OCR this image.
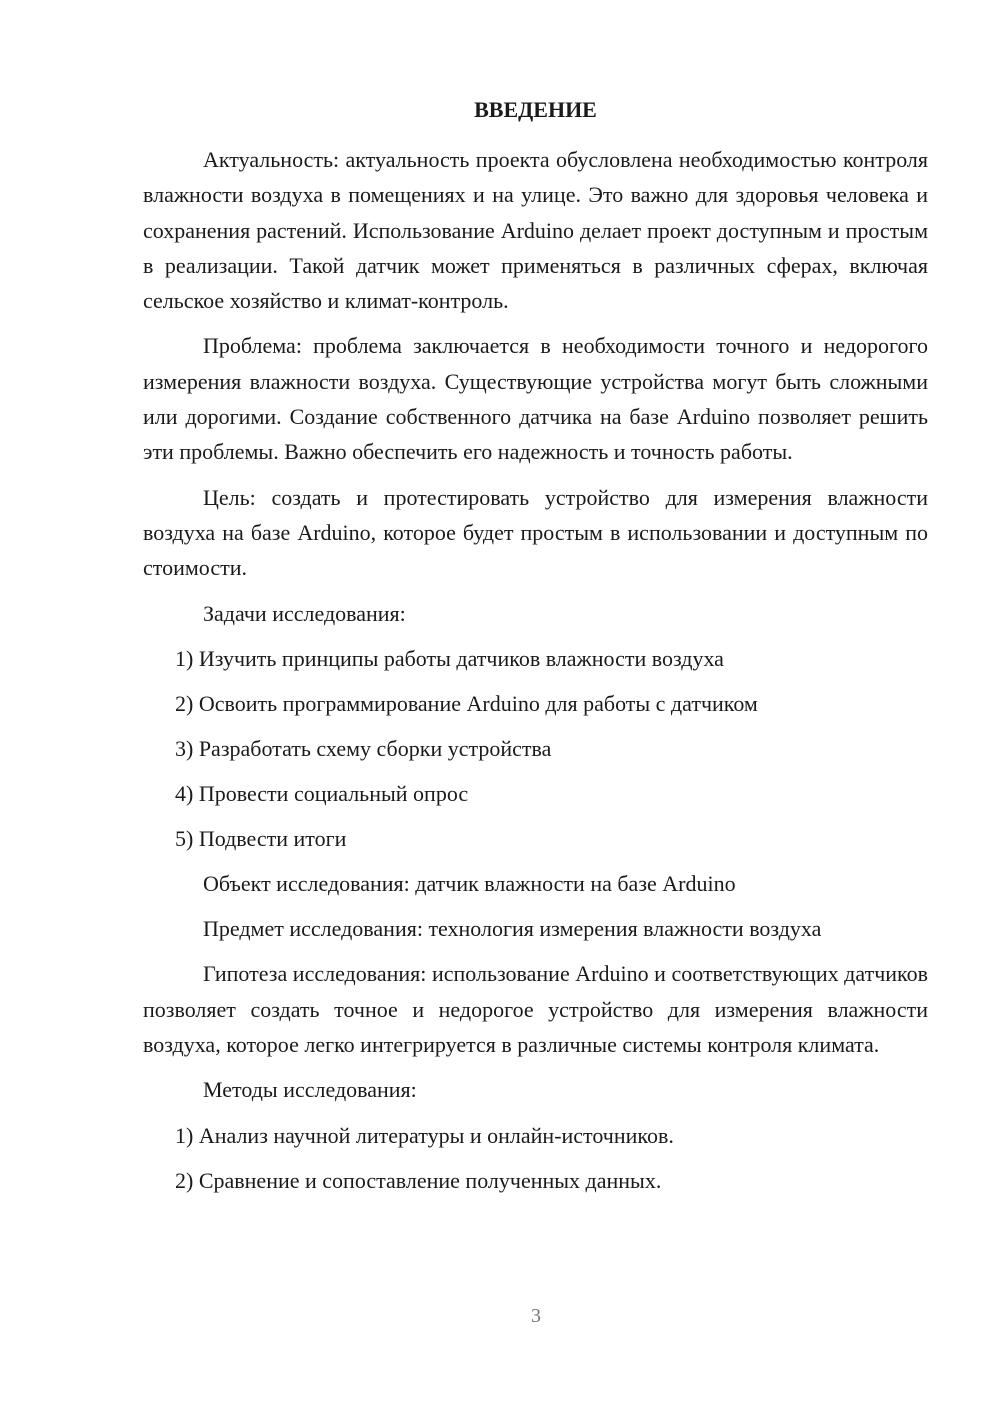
ВВЕДЕНИЕ

Актуальность: актуальность проекта обусловлена необходимостью контроля влажности воздуха в помещениях и на улице. Это важно для здоровья человека и сохранения растений. Использование Arduino делает проект доступным и простым в реализации. Такой датчик может применяться в различных сферах, включая сельское хозяйство и климат-контроль.

Проблема: проблема заключается в необходимости точного и недорогого измерения влажности воздуха. Существующие устройства могут быть сложными или дорогими. Создание собственного датчика на базе Arduino позволяет решить эти проблемы. Важно обеспечить его надежность и точность работы.

Цель: создать и протестировать устройство для измерения влажности воздуха на базе Arduino, которое будет простым в использовании и доступным по стоимости.

Задачи исследования:

1) Изучить принципы работы датчиков влажности воздуха

2) Освоить программирование Arduino для работы с датчиком

3) Разработать схему сборки устройства

4) Провести социальный опрос

5) Подвести итоги

Объект исследования: датчик влажности на базе Arduino

Предмет исследования: технология измерения влажности воздуха

Гипотеза исследования: использование Arduino и соответствующих датчиков позволяет создать точное и недорогое устройство для измерения влажности воздуха, которое легко интегрируется в различные системы контроля климата.

Методы исследования:

1) Анализ научной литературы и онлайн-источников.

2) Сравнение и сопоставление полученных данных.

3
